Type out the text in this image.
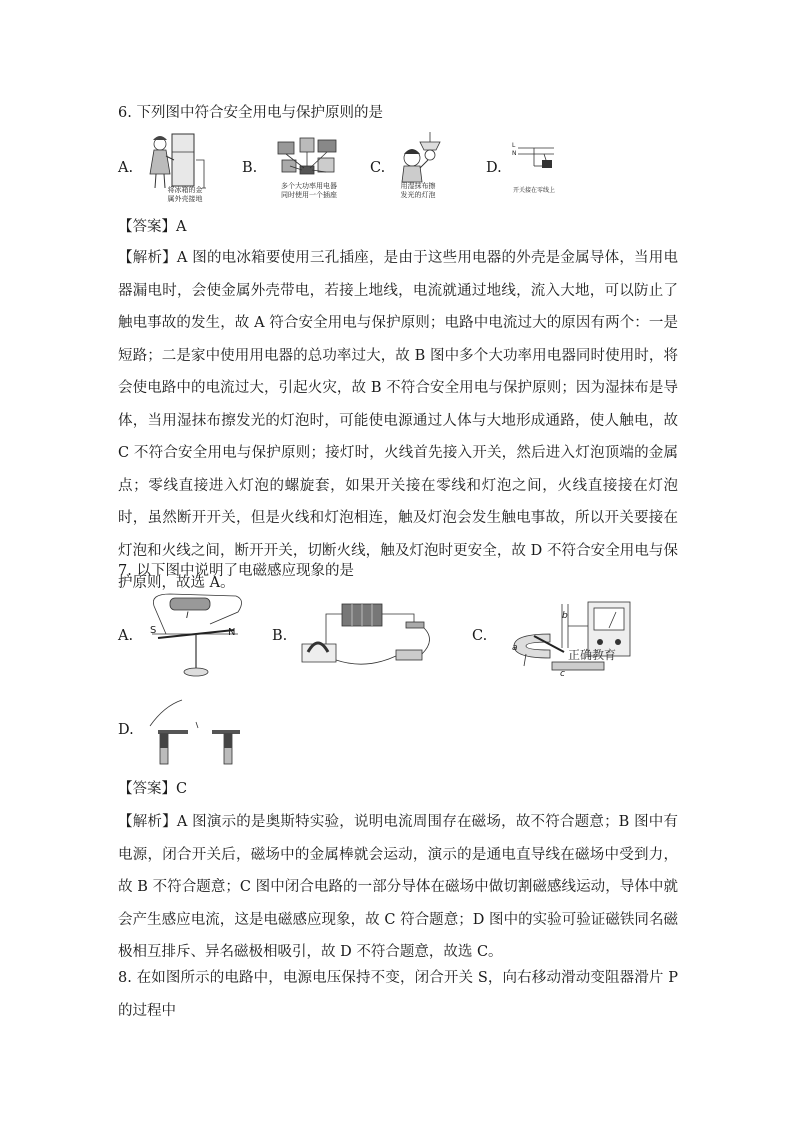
6. 下列图中符合安全用电与保护原则的是
A.
将冰箱的金
属外壳接地
B.
多个大功率用电器
同时使用一个插座
C.
用湿抹布擦
发光的灯泡
D.
L
N
开关接在零线上
【答案】A
【解析】A 图的电冰箱要使用三孔插座，是由于这些用电器的外壳是金属导体，当用电器漏电时，会使金属外壳带电，若接上地线，电流就通过地线，流入大地，可以防止了触电事故的发生，故 A 符合安全用电与保护原则；电路中电流过大的原因有两个：一是短路；二是家中使用用电器的总功率过大，故 B 图中多个大功率用电器同时使用时，将会使电路中的电流过大，引起火灾，故 B 不符合安全用电与保护原则；因为湿抹布是导体，当用湿抹布擦发光的灯泡时，可能使电源通过人体与大地形成通路，使人触电，故 C 不符合安全用电与保护原则；接灯时，火线首先接入开关，然后进入灯泡顶端的金属点；零线直接进入灯泡的螺旋套，如果开关接在零线和灯泡之间，火线直接接在灯泡时，虽然断开开关，但是火线和灯泡相连，触及灯泡会发生触电事故，所以开关要接在灯泡和火线之间，断开开关，切断火线，触及灯泡时更安全，故 D 不符合安全用电与保护原则，故选 A。
7. 以下图中说明了电磁感应现象的是
A. S	N
I
B.	C.
a
b
c
正确教育
D.
【答案】C
【解析】A 图演示的是奥斯特实验，说明电流周围存在磁场，故不符合题意；B 图中有电源，闭合开关后，磁场中的金属棒就会运动，演示的是通电直导线在磁场中受到力，故 B 不符合题意；C 图中闭合电路的一部分导体在磁场中做切割磁感线运动，导体中就会产生感应电流，这是电磁感应现象，故 C 符合题意；D 图中的实验可验证磁铁同名磁极相互排斥、异名磁极相吸引，故 D 不符合题意，故选 C。
8. 在如图所示的电路中，电源电压保持不变，闭合开关 S，向右移动滑动变阻器滑片 P 的过程中
